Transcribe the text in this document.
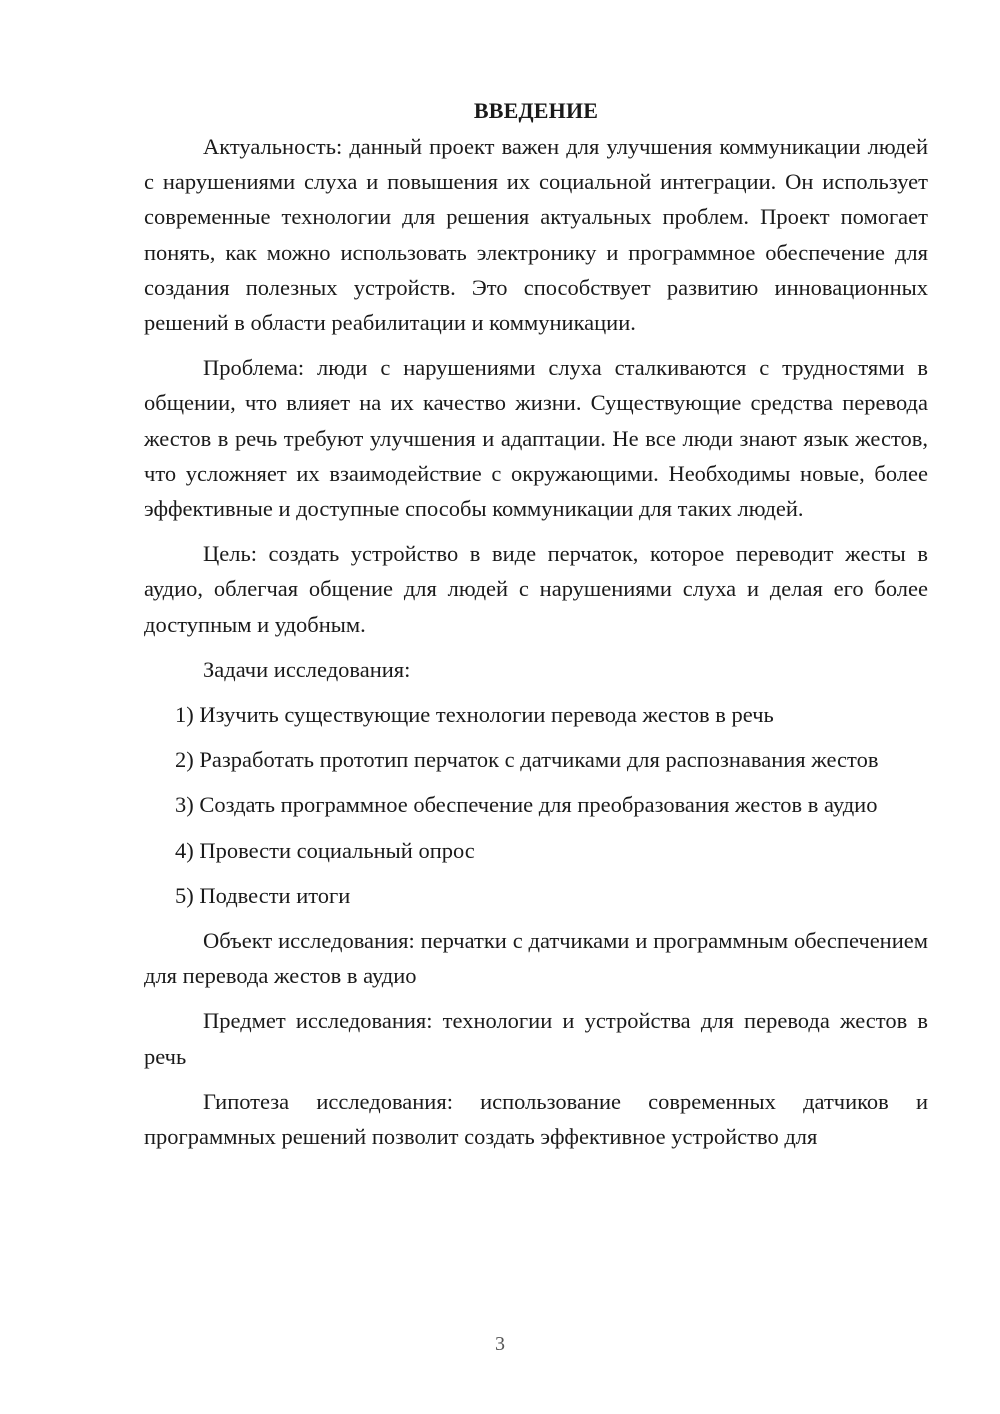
ВВЕДЕНИЕ

Актуальность: данный проект важен для улучшения коммуникации людей с нарушениями слуха и повышения их социальной интеграции. Он использует современные технологии для решения актуальных проблем. Проект помогает понять, как можно использовать электронику и программное обеспечение для создания полезных устройств. Это способствует развитию инновационных решений в области реабилитации и коммуникации.

Проблема: люди с нарушениями слуха сталкиваются с трудностями в общении, что влияет на их качество жизни. Существующие средства перевода жестов в речь требуют улучшения и адаптации. Не все люди знают язык жестов, что усложняет их взаимодействие с окружающими. Необходимы новые, более эффективные и доступные способы коммуникации для таких людей.

Цель: создать устройство в виде перчаток, которое переводит жесты в аудио, облегчая общение для людей с нарушениями слуха и делая его более доступным и удобным.

Задачи исследования:

1) Изучить существующие технологии перевода жестов в речь

2) Разработать прототип перчаток с датчиками для распознавания жестов

3) Создать программное обеспечение для преобразования жестов в аудио

4) Провести социальный опрос

5) Подвести итоги

Объект исследования: перчатки с датчиками и программным обеспечением для перевода жестов в аудио

Предмет исследования: технологии и устройства для перевода жестов в речь

Гипотеза исследования: использование современных датчиков и программных решений позволит создать эффективное устройство для

3
